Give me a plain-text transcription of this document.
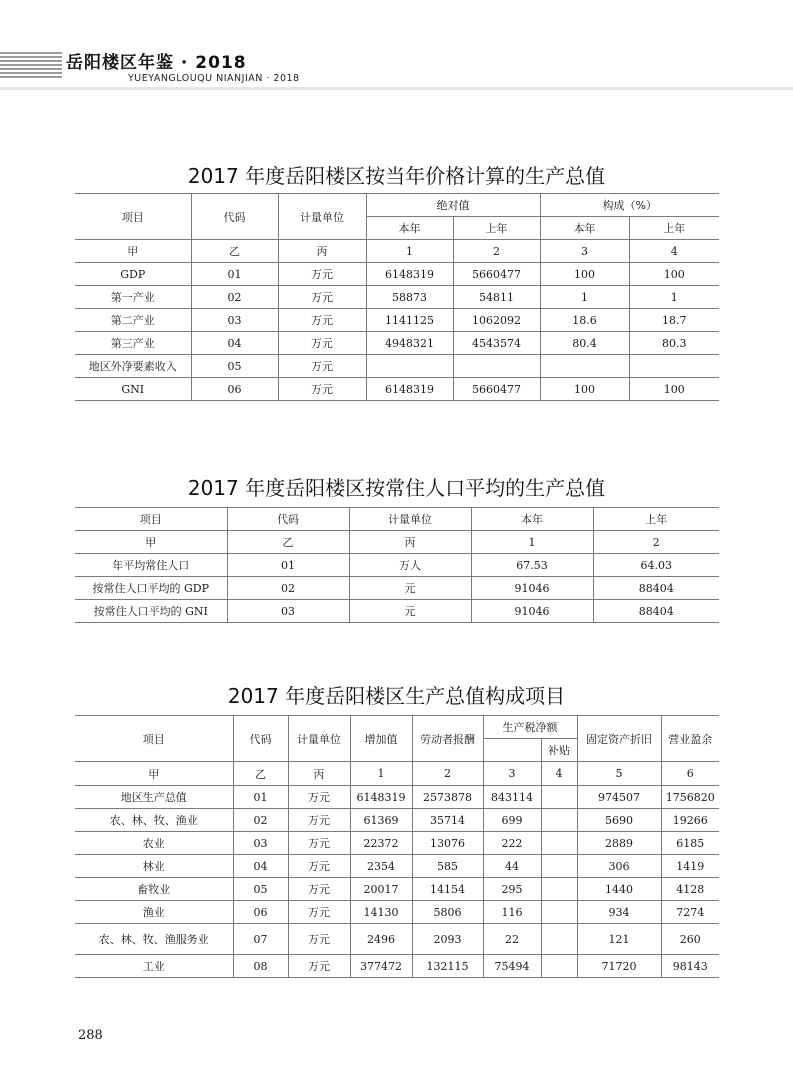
岳阳楼区年鉴 · 2018
YUEYANGLOUQU NIANJIAN · 2018
2017 年度岳阳楼区按当年价格计算的生产总值
项目	代码	计量单位	绝对值		构成（%）	
			本年	上年	本年	上年
甲	乙	丙	1	2	3	4
GDP	01	万元	6148319	5660477	100	100
第一产业	02	万元	58873	54811	1	1
第二产业	03	万元	1141125	1062092	18.6	18.7
第三产业	04	万元	4948321	4543574	80.4	80.3
地区外净要素收入	05	万元				
GNI	06	万元	6148319	5660477	100	100
2017 年度岳阳楼区按常住人口平均的生产总值
项目	代码	计量单位	本年	上年
甲	乙	丙	1	2
年平均常住人口	01	万人	67.53	64.03
按常住人口平均的 GDP	02	元	91046	88404
按常住人口平均的 GNI	03	元	91046	88404
2017 年度岳阳楼区生产总值构成项目
项目	代码	计量单位	增加值	劳动者报酬	生产税净额		固定资产折旧	营业盈余
						补贴		
甲	乙	丙	1	2	3	4	5	6
地区生产总值	01	万元	6148319	2573878	843114		974507	1756820
农、林、牧、渔业	02	万元	61369	35714	699		5690	19266
农业	03	万元	22372	13076	222		2889	6185
林业	04	万元	2354	585	44		306	1419
畜牧业	05	万元	20017	14154	295		1440	4128
渔业	06	万元	14130	5806	116		934	7274
农、林、牧、渔服务业	07	万元	2496	2093	22		121	260
工业	08	万元	377472	132115	75494		71720	98143
288
